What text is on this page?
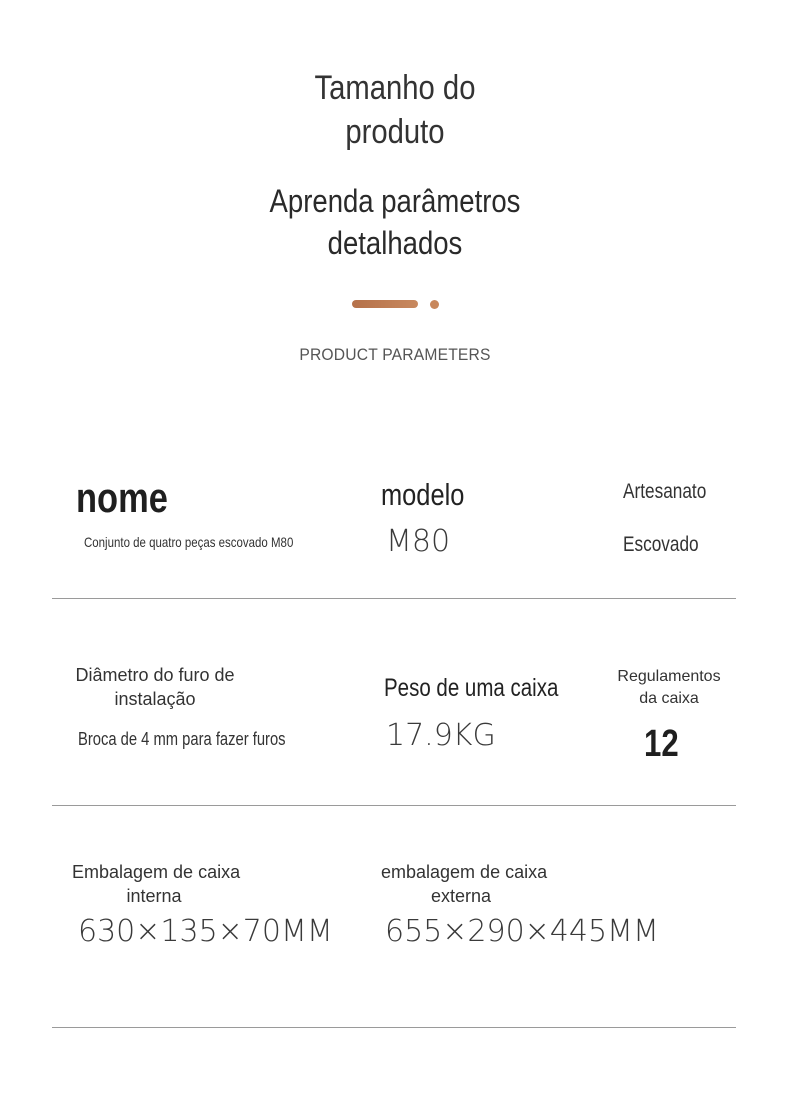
Tamanho do
produto
Aprenda parâmetros
detalhados
PRODUCT PARAMETERS
nome
Conjunto de quatro peças escovado M80
modelo
M80
Artesanato
Escovado
Diâmetro do furo de
instalação
Broca de 4 mm para fazer furos
Peso de uma caixa
17.9KG
Regulamentos
da caixa
12
Embalagem de caixa
interna
630×135×70MM
embalagem de caixa
externa
655×290×445MM
